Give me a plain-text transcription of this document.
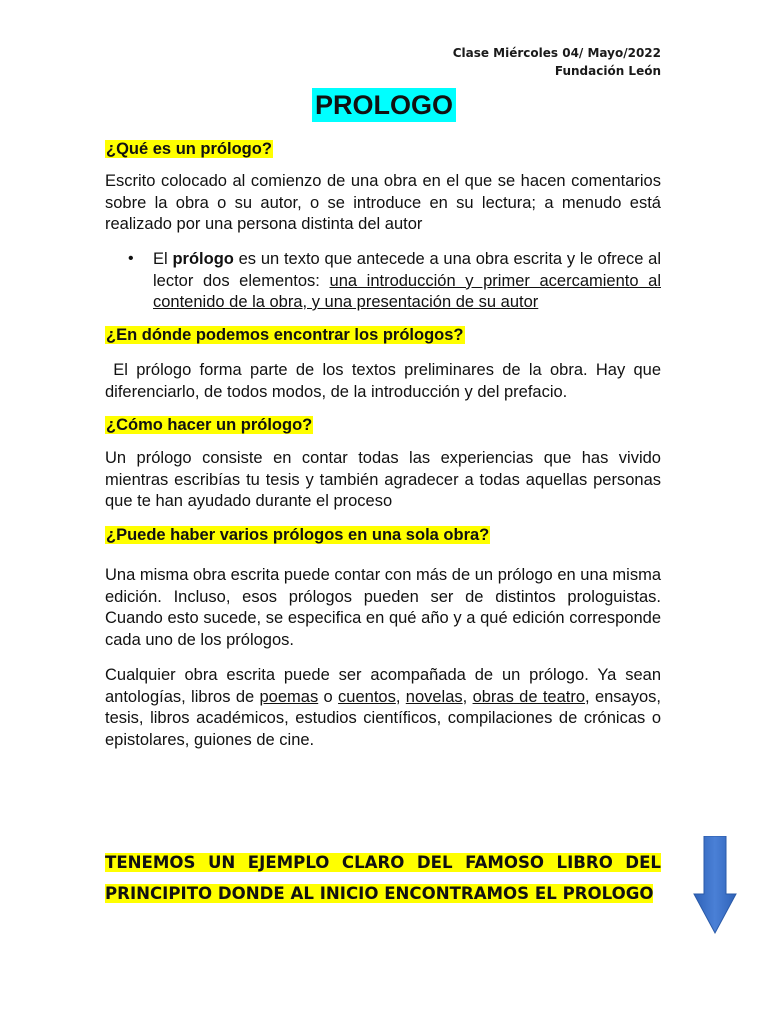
Clase Miércoles 04/ Mayo/2022
Fundación León
PROLOGO
¿Qué es un prólogo?
Escrito colocado al comienzo de una obra en el que se hacen comentarios sobre la obra o su autor, o se introduce en su lectura; a menudo está realizado por una persona distinta del autor
• El prólogo es un texto que antecede a una obra escrita y le ofrece al lector dos elementos: una introducción y primer acercamiento al contenido de la obra, y una presentación de su autor
¿En dónde podemos encontrar los prólogos?
El prólogo forma parte de los textos preliminares de la obra. Hay que diferenciarlo, de todos modos, de la introducción y del prefacio.
¿Cómo hacer un prólogo?
Un prólogo consiste en contar todas las experiencias que has vivido mientras escribías tu tesis y también agradecer a todas aquellas personas que te han ayudado durante el proceso
¿Puede haber varios prólogos en una sola obra?
Una misma obra escrita puede contar con más de un prólogo en una misma edición. Incluso, esos prólogos pueden ser de distintos prologuistas. Cuando esto sucede, se especifica en qué año y a qué edición corresponde cada uno de los prólogos.
Cualquier obra escrita puede ser acompañada de un prólogo. Ya sean antologías, libros de poemas o cuentos, novelas, obras de teatro, ensayos, tesis, libros académicos, estudios científicos, compilaciones de crónicas o epistolares, guiones de cine.
TENEMOS UN EJEMPLO CLARO DEL FAMOSO LIBRO DEL
PRINCIPITO DONDE AL INICIO ENCONTRAMOS EL PROLOGO
